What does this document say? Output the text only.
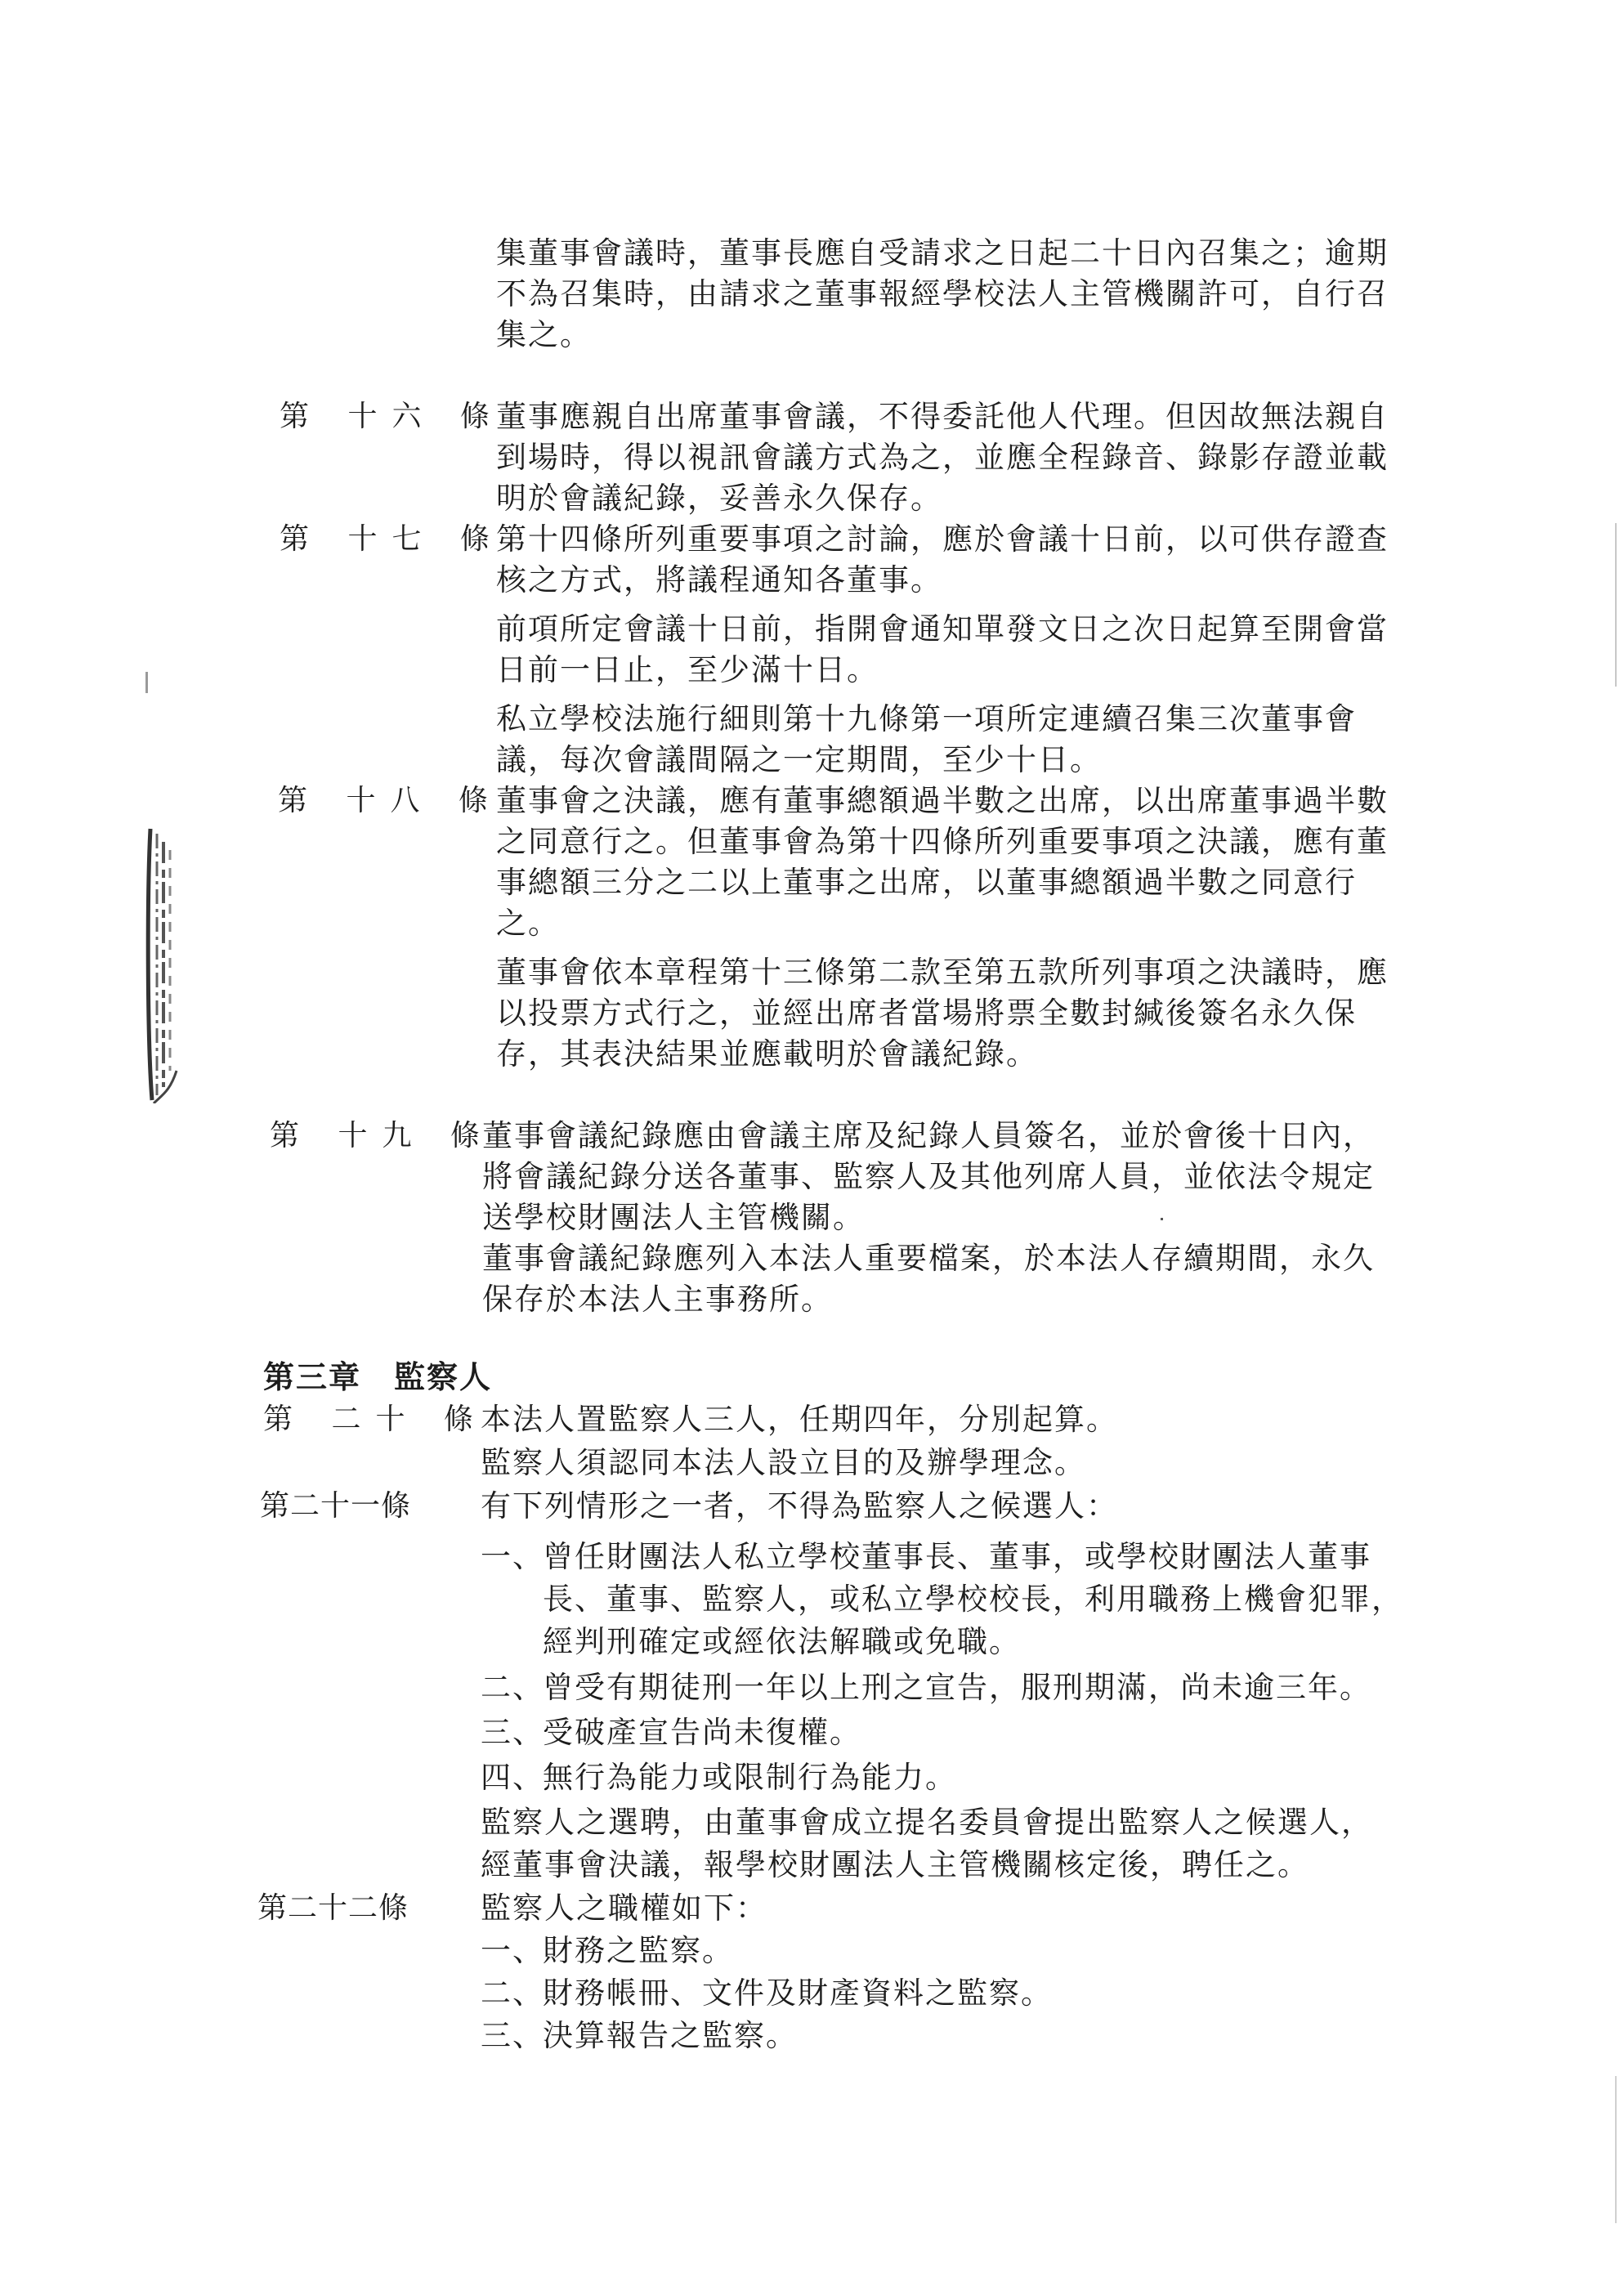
集董事會議時，董事長應自受請求之日起二十日內召集之；逾期
不為召集時，由請求之董事報經學校法人主管機關許可，自行召
集之。
第 十六 條
董事應親自出席董事會議，不得委託他人代理。但因故無法親自
到場時，得以視訊會議方式為之，並應全程錄音、錄影存證並載
明於會議紀錄，妥善永久保存。
第 十七 條
第十四條所列重要事項之討論，應於會議十日前，以可供存證查
核之方式，將議程通知各董事。
前項所定會議十日前，指開會通知單發文日之次日起算至開會當
日前一日止，至少滿十日。
私立學校法施行細則第十九條第一項所定連續召集三次董事會
議，每次會議間隔之一定期間，至少十日。
第 十八 條
董事會之決議，應有董事總額過半數之出席，以出席董事過半數
之同意行之。但董事會為第十四條所列重要事項之決議，應有董
事總額三分之二以上董事之出席，以董事總額過半數之同意行
之。
董事會依本章程第十三條第二款至第五款所列事項之決議時，應
以投票方式行之，並經出席者當場將票全數封緘後簽名永久保
存，其表決結果並應載明於會議紀錄。
第 十九 條
董事會議紀錄應由會議主席及紀錄人員簽名，並於會後十日內，
將會議紀錄分送各董事、監察人及其他列席人員，並依法令規定
送學校財團法人主管機關。
董事會議紀錄應列入本法人重要檔案，於本法人存續期間，永久
保存於本法人主事務所。
第三章　監察人
第 二十 條
本法人置監察人三人，任期四年，分別起算。
監察人須認同本法人設立目的及辦學理念。
第二十一條 有下列情形之一者，不得為監察人之候選人：
一、
曾任財團法人私立學校董事長、董事，或學校財團法人董事
長、董事、監察人，或私立學校校長，利用職務上機會犯罪，
經判刑確定或經依法解職或免職。
二、
曾受有期徒刑一年以上刑之宣告，服刑期滿，尚未逾三年。
三、
受破產宣告尚未復權。
四、
無行為能力或限制行為能力。
監察人之選聘，由董事會成立提名委員會提出監察人之候選人，
經董事會決議，報學校財團法人主管機關核定後，聘任之。
第二十二條 監察人之職權如下：
一、
財務之監察。
二、
財務帳冊、文件及財產資料之監察。
三、
決算報告之監察。
